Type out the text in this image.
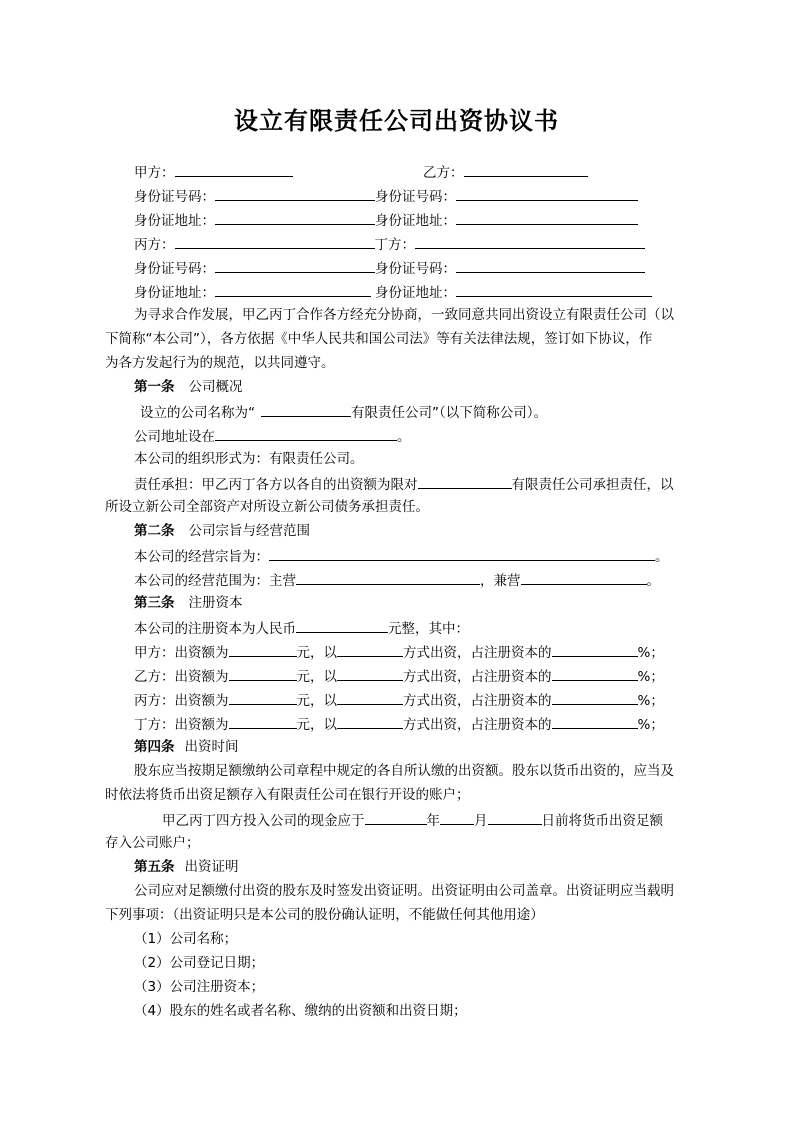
设立有限责任公司出资协议书
甲方：	乙方：
身份证号码：	身份证号码：
身份证地址：	身份证地址：
丙方：	丁方：
身份证号码：	身份证号码：
身份证地址：	身份证地址：
为寻求合作发展，甲乙丙丁合作各方经充分协商，一致同意共同出资设立有限责任公司（以
下简称“本公司”），各方依据《中华人民共和国公司法》等有关法律法规，签订如下协议，作
为各方发起行为的规范，以共同遵守。
第一条 公司概况
设立的公司名称为“	有限责任公司”（以下简称公司）。
公司地址设在	。
本公司的组织形式为：有限责任公司。
责任承担：甲乙丙丁各方以各自的出资额为限对	有限责任公司承担责任，以
所设立新公司全部资产对所设立新公司债务承担责任。
第二条 公司宗旨与经营范围
本公司的经营宗旨为：	。
本公司的经营范围为：主营	，兼营	。
第三条 注册资本
本公司的注册资本为人民币	元整，其中：
甲方：出资额为	元，以	方式出资，占注册资本的	%；
乙方：出资额为	元，以	方式出资，占注册资本的	%；
丙方：出资额为	元，以	方式出资，占注册资本的	%；
丁方：出资额为	元，以	方式出资，占注册资本的	%；
第四条 出资时间
股东应当按期足额缴纳公司章程中规定的各自所认缴的出资额。股东以货币出资的，应当及
时依法将货币出资足额存入有限责任公司在银行开设的账户；
甲乙丙丁四方投入公司的现金应于	年	月	日前将货币出资足额
存入公司账户；
第五条 出资证明
公司应对足额缴付出资的股东及时签发出资证明。出资证明由公司盖章。出资证明应当载明
下列事项：（出资证明只是本公司的股份确认证明，不能做任何其他用途）
（1）公司名称；
（2）公司登记日期；
（3）公司注册资本；
（4）股东的姓名或者名称、缴纳的出资额和出资日期；
